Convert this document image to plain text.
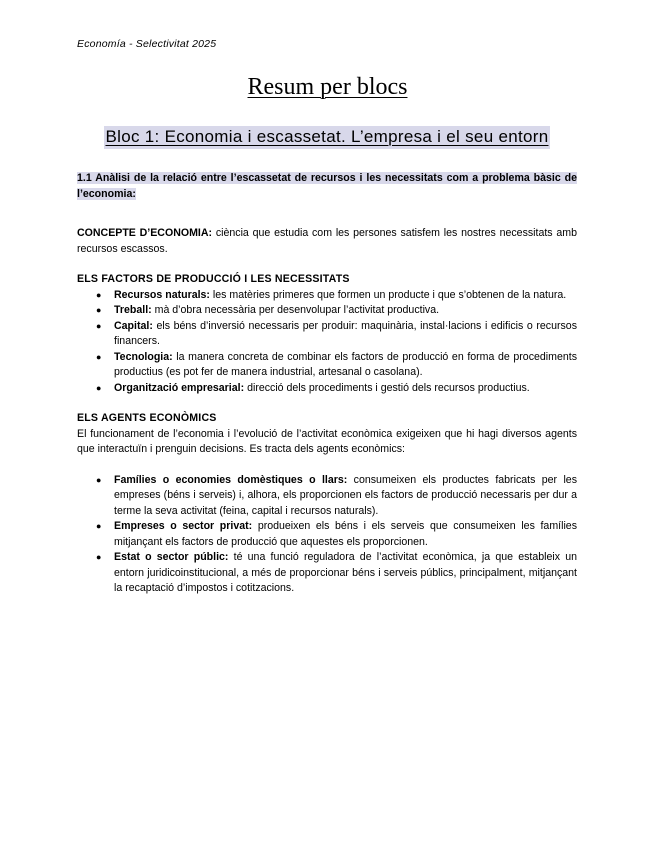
Economía - Selectivitat 2025
Resum per blocs
Bloc 1: Economia i escassetat. L’empresa i el seu entorn

1.1 Anàlisi de la relació entre l’escassetat de recursos i les necessitats com a problema bàsic de l’economia:

CONCEPTE D’ECONOMIA: ciència que estudia com les persones satisfem les nostres necessitats amb recursos escassos.

ELS FACTORS DE PRODUCCIÓ I LES NECESSITATS

● Recursos naturals: les matèries primeres que formen un producte i que s’obtenen de la natura.
● Treball: mà d’obra necessària per desenvolupar l’activitat productiva.
● Capital: els béns d’inversió necessaris per produir: maquinària, instal·lacions i edificis o recursos financers.
● Tecnologia: la manera concreta de combinar els factors de producció en forma de procediments productius (es pot fer de manera industrial, artesanal o casolana).
● Organització empresarial: direcció dels procediments i gestió dels recursos productius.

ELS AGENTS ECONÒMICS

El funcionament de l’economia i l’evolució de l’activitat econòmica exigeixen que hi hagi diversos agents que interactuïn i prenguin decisions. Es tracta dels agents econòmics:

● Famílies o economies domèstiques o llars: consumeixen els productes fabricats per les empreses (béns i serveis) i, alhora, els proporcionen els factors de producció necessaris per dur a terme la seva activitat (feina, capital i recursos naturals).
● Empreses o sector privat: produeixen els béns i els serveis que consumeixen les famílies mitjançant els factors de producció que aquestes els proporcionen.
● Estat o sector públic: té una funció reguladora de l’activitat econòmica, ja que estableix un entorn juridicoinstitucional, a més de proporcionar béns i serveis públics, principalment, mitjançant la recaptació d’impostos i cotitzacions.
